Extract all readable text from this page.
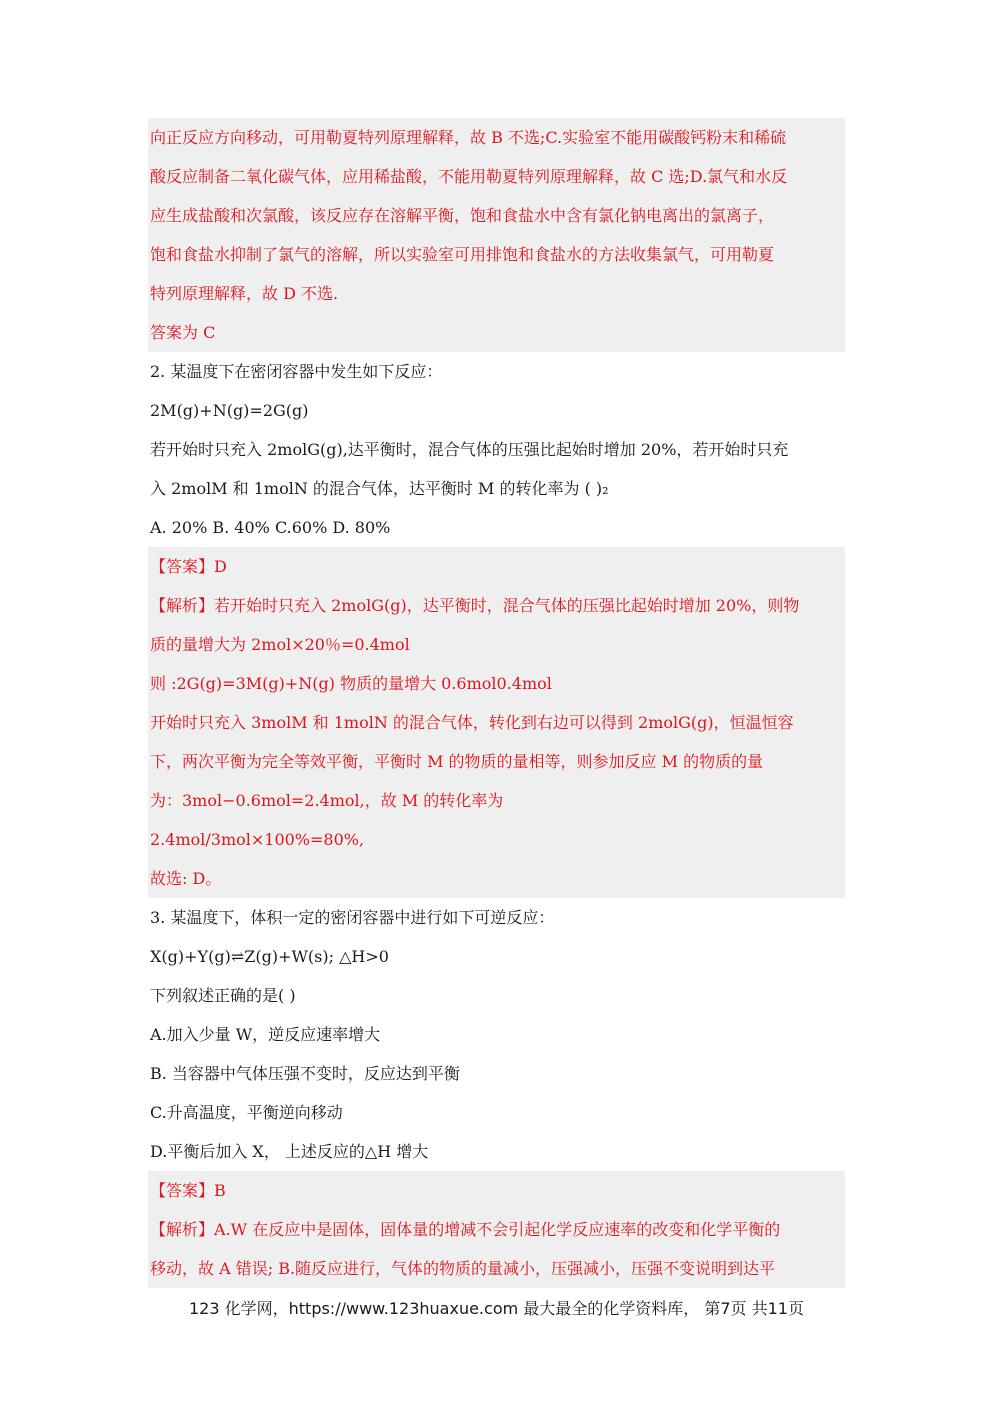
向正反应方向移动，可用勒夏特列原理解释，故 B 不选;C.实验室不能用碳酸钙粉末和稀硫
酸反应制备二氧化碳气体，应用稀盐酸，不能用勒夏特列原理解释，故 C 选;D.氯气和水反
应生成盐酸和次氯酸，该反应存在溶解平衡，饱和食盐水中含有氯化钠电离出的氯离子，
饱和食盐水抑制了氯气的溶解，所以实验室可用排饱和食盐水的方法收集氯气，可用勒夏
特列原理解释，故 D 不选.
答案为 C
2. 某温度下在密闭容器中发生如下反应：
2M(g)+N(g)=2G(g)
若开始时只充入 2molG(g),达平衡时，混合气体的压强比起始时增加 20%，若开始时只充
入 2molM 和 1molN 的混合气体，达平衡时 M 的转化率为 ( )₂
A. 20% B. 40% C.60% D. 80%
【答案】D
【解析】若开始时只充入 2molG(g)，达平衡时，混合气体的压强比起始时增加 20%，则物
质的量增大为 2mol×20％=0.4mol
则 :2G(g)=3M(g)+N(g) 物质的量增大 0.6mol0.4mol
开始时只充入 3molM 和 1molN 的混合气体，转化到右边可以得到 2molG(g)，恒温恒容
下，两次平衡为完全等效平衡，平衡时 M 的物质的量相等，则参加反应 M 的物质的量
为：3mol−0.6mol=2.4mol,，故 M 的转化率为
2.4mol/3mol×100%=80%,
故选: D。
3. 某温度下，体积一定的密闭容器中进行如下可逆反应：
X(g)+Y(g)⇌Z(g)+W(s); △H>0
下列叙述正确的是( )
A.加入少量 W，逆反应速率增大
B. 当容器中气体压强不变时，反应达到平衡
C.升高温度，平衡逆向移动
D.平衡后加入 X， 上述反应的△H 增大
【答案】B
【解析】A.W 在反应中是固体，固体量的增减不会引起化学反应速率的改变和化学平衡的
移动，故 A 错误; B.随反应进行，气体的物质的量减小，压强减小，压强不变说明到达平
123 化学网，https://www.123huaxue.com 最大最全的化学资料库， 第7页 共11页
